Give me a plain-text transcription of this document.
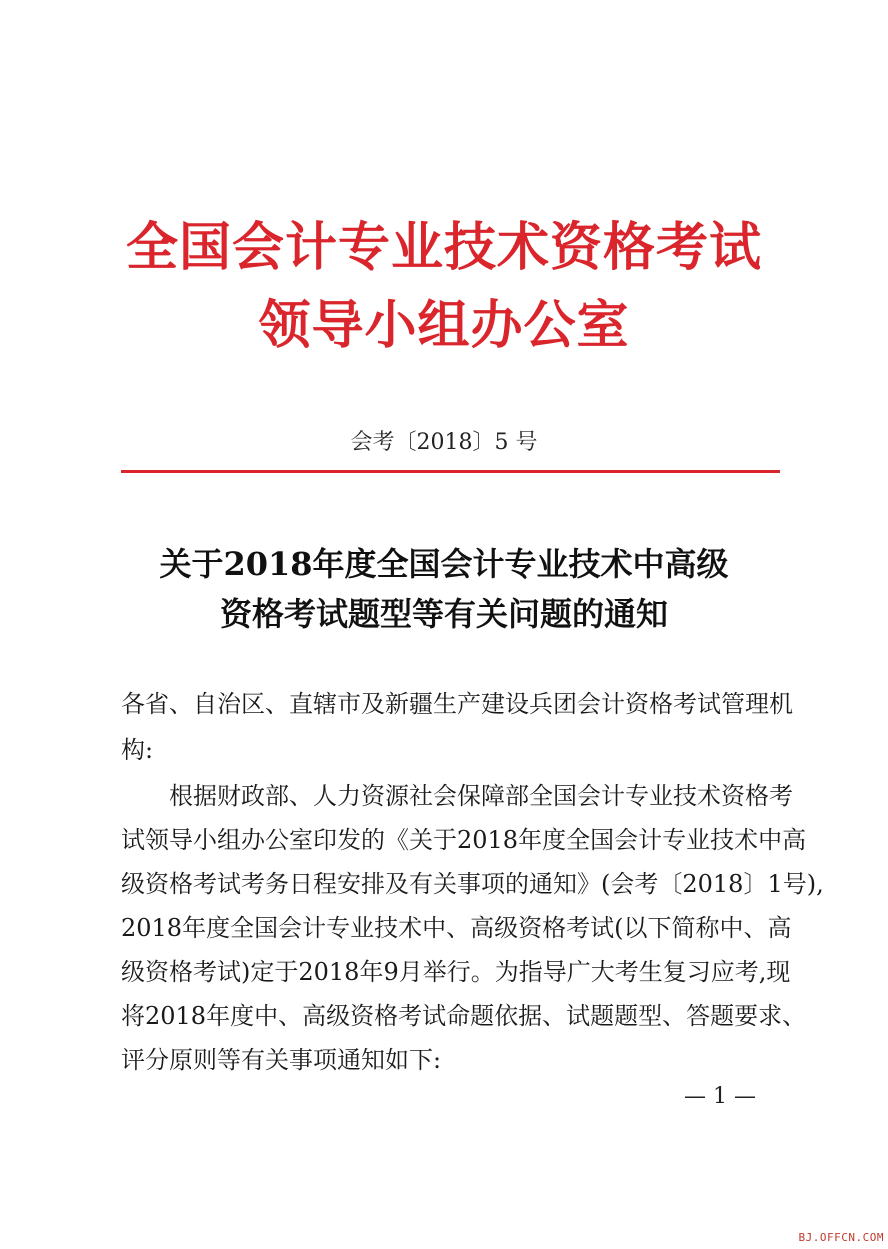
全国会计专业技术资格考试
领导小组办公室
会考〔2018〕5 号
关于2018年度全国会计专业技术中高级
资格考试题型等有关问题的通知
各省、自治区、直辖市及新疆生产建设兵团会计资格考试管理机
构:
　　根据财政部、人力资源社会保障部全国会计专业技术资格考
试领导小组办公室印发的《关于2018年度全国会计专业技术中高
级资格考试考务日程安排及有关事项的通知》(会考〔2018〕1号),
2018年度全国会计专业技术中、高级资格考试(以下简称中、高
级资格考试)定于2018年9月举行。为指导广大考生复习应考,现
将2018年度中、高级资格考试命题依据、试题题型、答题要求、
评分原则等有关事项通知如下:
— 1 —
BJ.OFFCN.COM
